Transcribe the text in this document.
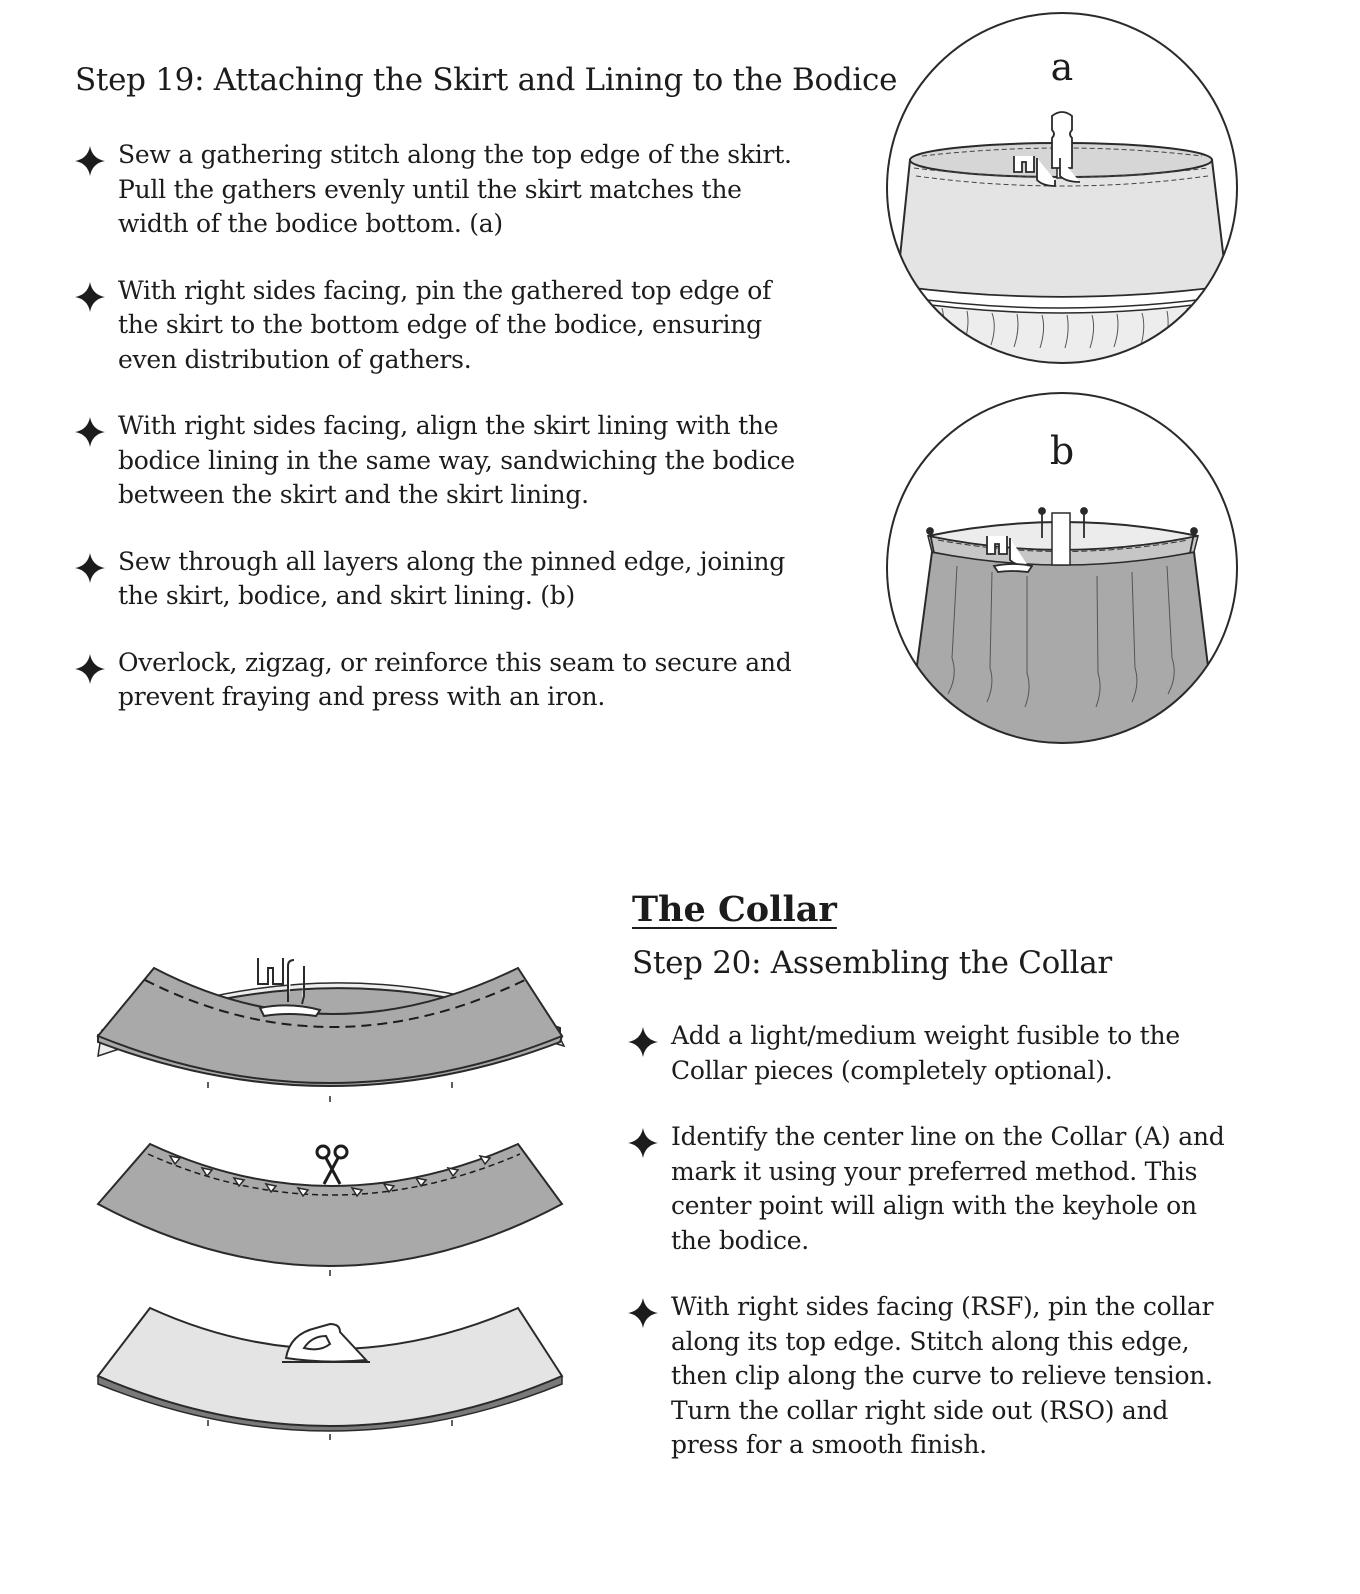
Step 19: Attaching the Skirt and Lining to the Bodice
Sew a gathering stitch along the top edge of the skirt.
Pull the gathers evenly until the skirt matches the
width of the bodice bottom. (a)
With right sides facing, pin the gathered top edge of
the skirt to the bottom edge of the bodice, ensuring
even distribution of gathers.
With right sides facing, align the skirt lining with the
bodice lining in the same way, sandwiching the bodice
between the skirt and the skirt lining.
Sew through all layers along the pinned edge, joining
the skirt, bodice, and skirt lining. (b)
Overlock, zigzag, or reinforce this seam to secure and
prevent fraying and press with an iron.
a
b
The Collar
Step 20: Assembling the Collar
Add a light/medium weight fusible to the
Collar pieces (completely optional).
Identify the center line on the Collar (A) and
mark it using your preferred method. This
center point will align with the keyhole on
the bodice.
With right sides facing (RSF), pin the collar
along its top edge. Stitch along this edge,
then clip along the curve to relieve tension.
Turn the collar right side out (RSO) and
press for a smooth finish.
